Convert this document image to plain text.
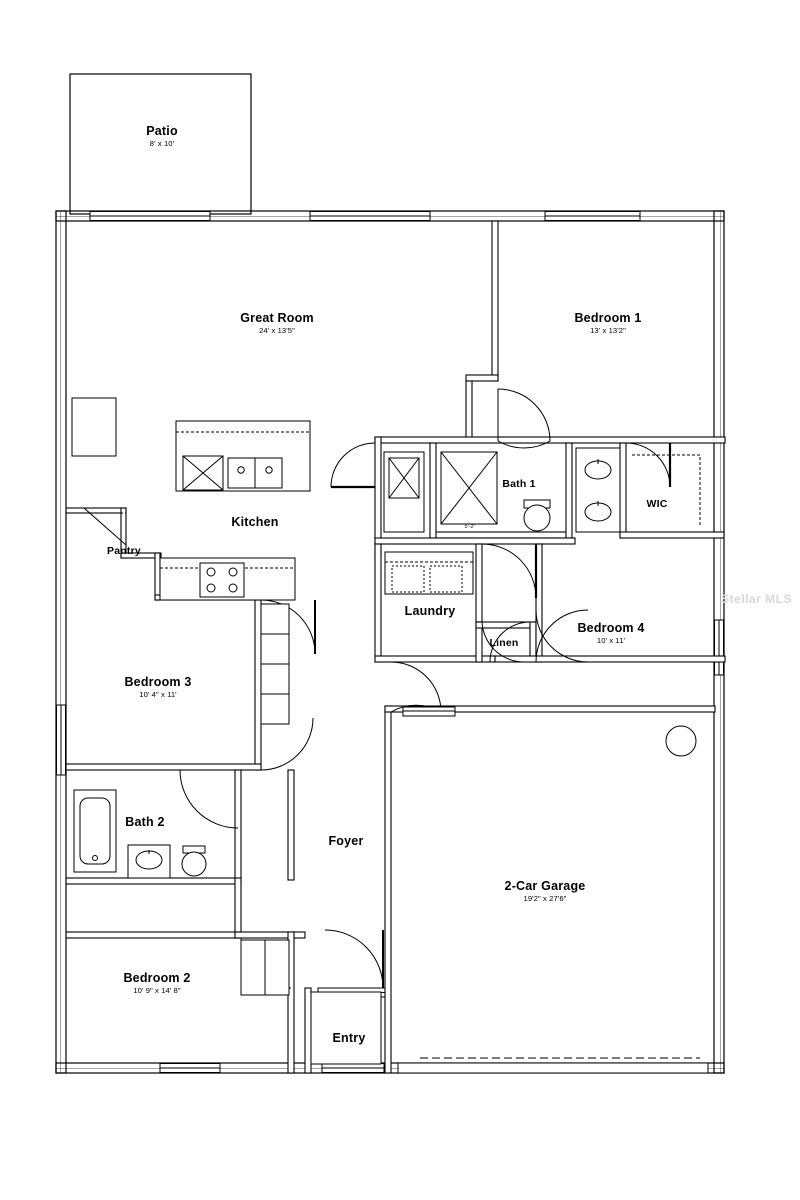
Stellar MLS
Patio
8' x 10'
Great Room
24' x 13'5"
Bedroom 1
13' x 13'2"
Kitchen
Pantry
Bath 1
WIC
Laundry
Linen
Bedroom 4
10' x 11'
Bedroom 3
10' 4" x 11'
Bath 2
Foyer
2-Car Garage
19'2" x 27'6"
Bedroom 2
10' 9" x 14' 8"
Entry
5'-2"
